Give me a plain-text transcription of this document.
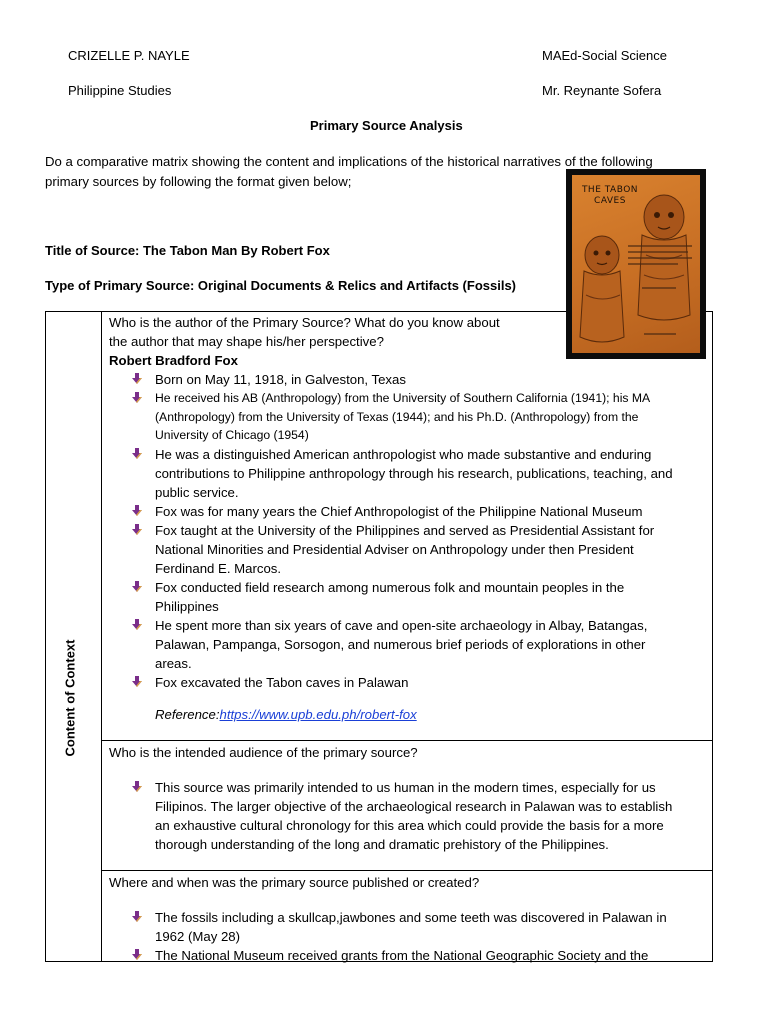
CRIZELLE P. NAYLE	MAEd-Social Science
Philippine Studies	Mr. Reynante Sofera
Primary Source Analysis
Do a comparative matrix showing the content and implications of the historical narratives of the following
primary sources by following the format given below;
Title of Source: The Tabon Man By Robert Fox
Type of Primary Source: Original Documents & Relics and Artifacts (Fossils)
Content of Context
Who is the author of the Primary Source? What do you know about
the author that may shape his/her perspective?
Robert Bradford Fox
Born on May 11, 1918, in Galveston, Texas
He received his AB (Anthropology) from the University of Southern California (1941); his MA
(Anthropology) from the University of Texas (1944); and his Ph.D. (Anthropology) from the
University of Chicago (1954)
He was a distinguished American anthropologist who made substantive and enduring
contributions to Philippine anthropology through his research, publications, teaching, and
public service.
Fox was for many years the Chief Anthropologist of the Philippine National Museum
Fox taught at the University of the Philippines and served as Presidential Assistant for
National Minorities and Presidential Adviser on Anthropology under then President
Ferdinand E. Marcos.
Fox conducted field research among numerous folk and mountain peoples in the
Philippines
He spent more than six years of cave and open-site archaeology in Albay, Batangas,
Palawan, Pampanga, Sorsogon, and numerous brief periods of explorations in other
areas.
Fox excavated the Tabon caves in Palawan
Reference:https://www.upb.edu.ph/robert-fox
Who is the intended audience of the primary source?
This source was primarily intended to us human in the modern times, especially for us
Filipinos. The larger objective of the archaeological research in Palawan was to establish
an exhaustive cultural chronology for this area which could provide the basis for a more
thorough understanding of the long and dramatic prehistory of the Philippines.
Where and when was the primary source published or created?
The fossils including a skullcap,jawbones and some teeth was discovered in Palawan in
1962 (May 28)
The National Museum received grants from the National Geographic Society and the
THE TABON
CAVES
